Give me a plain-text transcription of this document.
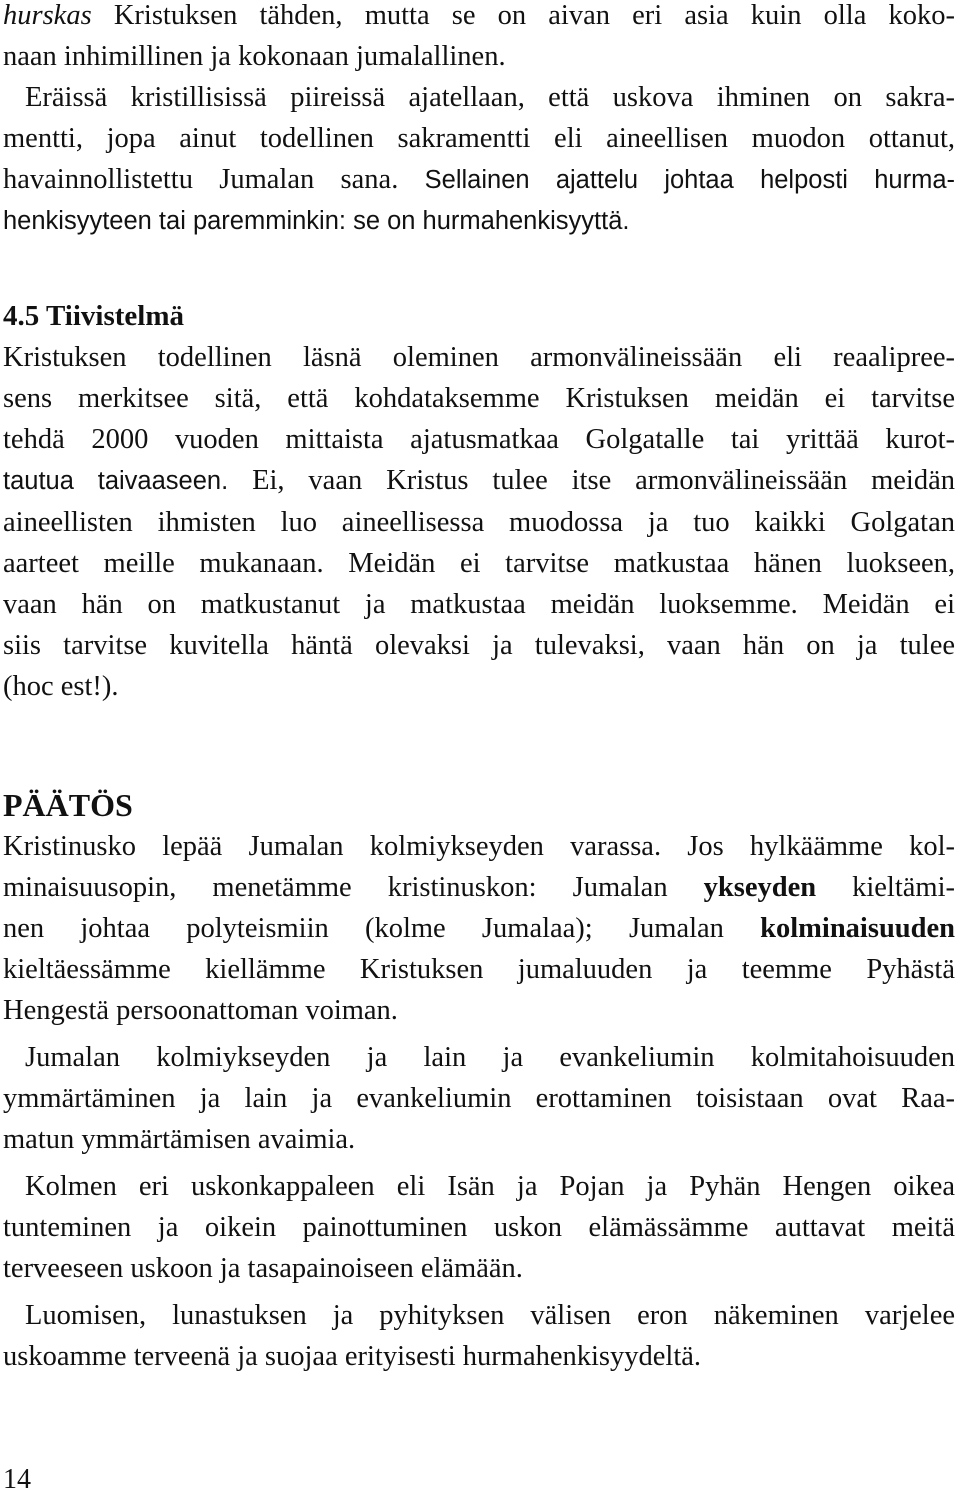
hurskas Kristuksen tähden, mutta se on aivan eri asia kuin olla koko-
naan inhimillinen ja kokonaan jumalallinen.
Eräissä kristillisissä piireissä ajatellaan, että uskova ihminen on sakra-
mentti, jopa ainut todellinen sakramentti eli aineellisen muodon ottanut,
havainnollistettu Jumalan sana. Sellainen ajattelu johtaa helposti hurma-
henkisyyteen tai paremminkin: se on hurmahenkisyyttä.
4.5 Tiivistelmä
Kristuksen todellinen läsnä oleminen armonvälineissään eli reaalipree-
sens merkitsee sitä, että kohdataksemme Kristuksen meidän ei tarvitse
tehdä 2000 vuoden mittaista ajatusmatkaa Golgatalle tai yrittää kurot-
tautua taivaaseen. Ei, vaan Kristus tulee itse armonvälineissään meidän
aineellisten ihmisten luo aineellisessa muodossa ja tuo kaikki Golgatan
aarteet meille mukanaan. Meidän ei tarvitse matkustaa hänen luokseen,
vaan hän on matkustanut ja matkustaa meidän luoksemme. Meidän ei
siis tarvitse kuvitella häntä olevaksi ja tulevaksi, vaan hän on ja tulee
(hoc est!).
PÄÄTÖS
Kristinusko lepää Jumalan kolmiykseyden varassa. Jos hylkäämme kol-
minaisuusopin, menetämme kristinuskon: Jumalan ykseyden kieltämi-
nen johtaa polyteismiin (kolme Jumalaa); Jumalan kolminaisuuden
kieltäessämme kiellämme Kristuksen jumaluuden ja teemme Pyhästä
Hengestä persoonattoman voiman.
Jumalan kolmiykseyden ja lain ja evankeliumin kolmitahoisuuden
ymmärtäminen ja lain ja evankeliumin erottaminen toisistaan ovat Raa-
matun ymmärtämisen avaimia.
Kolmen eri uskonkappaleen eli Isän ja Pojan ja Pyhän Hengen oikea
tunteminen ja oikein painottuminen uskon elämässämme auttavat meitä
terveeseen uskoon ja tasapainoiseen elämään.
Luomisen, lunastuksen ja pyhityksen välisen eron näkeminen varjelee
uskoamme terveenä ja suojaa erityisesti hurmahenkisyydeltä.
14
